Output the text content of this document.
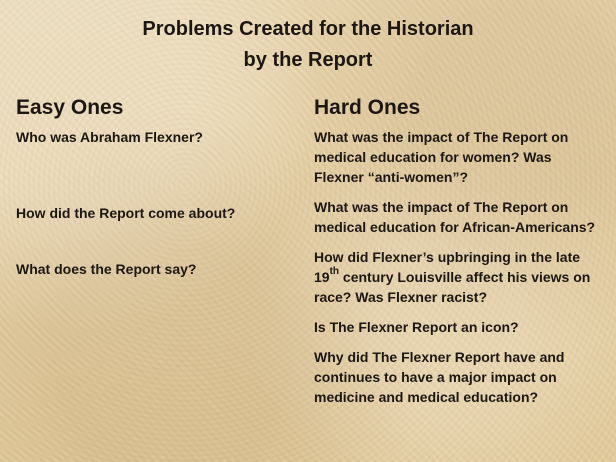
Problems Created for the Historian
by the Report
Easy Ones

Who was Abraham Flexner?

How did the Report come about?

What does the Report say?

Hard Ones

What was the impact of The Report on medical education for women? Was Flexner “anti-women”?

What was the impact of The Report on medical education for African-Americans?

How did Flexner’s upbringing in the late 19th century Louisville affect his views on race? Was Flexner racist?

Is The Flexner Report an icon?

Why did The Flexner Report have and continues to have a major impact on medicine and medical education?
